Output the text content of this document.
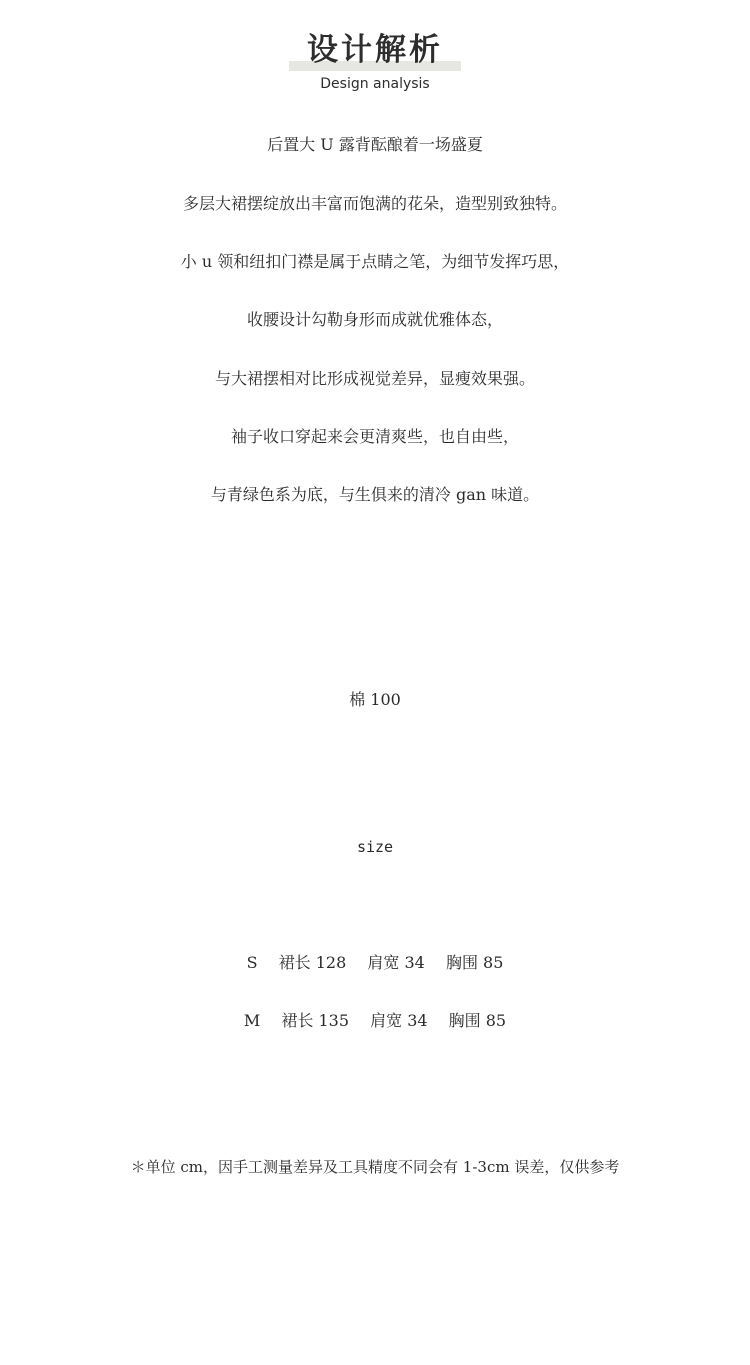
设计解析
Design analysis
后置大 U 露背酝酿着一场盛夏
多层大裙摆绽放出丰富而饱满的花朵，造型别致独特。
小 u 领和纽扣门襟是属于点睛之笔，为细节发挥巧思，
收腰设计勾勒身形而成就优雅体态，
与大裙摆相对比形成视觉差异，显瘦效果强。
袖子收口穿起来会更清爽些，也自由些，
与青绿色系为底，与生俱来的清冷 gan 味道。
棉 100
size
S 裙长 128 肩宽 34 胸围 85
M 裙长 135 肩宽 34 胸围 85
＊单位 cm，因手工测量差异及工具精度不同会有 1-3cm 误差，仅供参考
